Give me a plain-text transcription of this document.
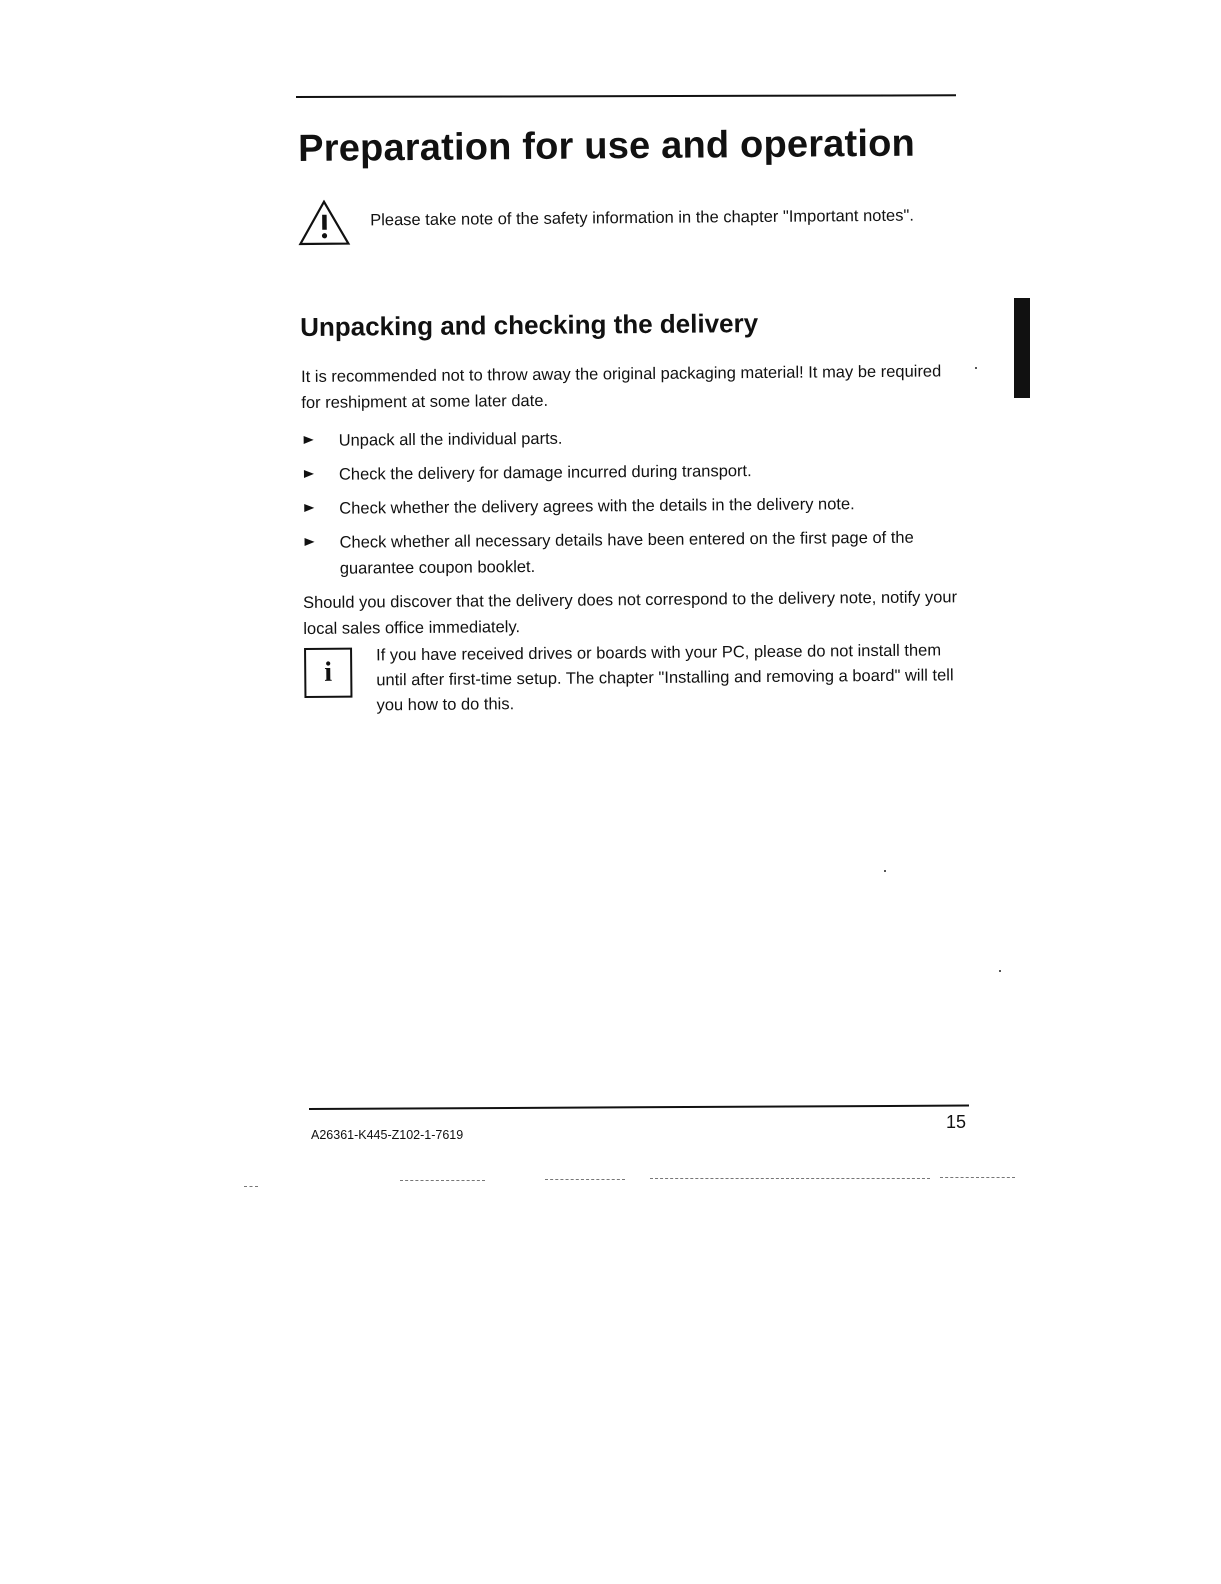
Preparation for use and operation

Please take note of the safety information in the chapter "Important notes".

Unpacking and checking the delivery

It is recommended not to throw away the original packaging material! It may be required for reshipment at some later date.

Unpack all the individual parts.
Check the delivery for damage incurred during transport.
Check whether the delivery agrees with the details in the delivery note.
Check whether all necessary details have been entered on the first page of the guarantee coupon booklet.

Should you discover that the delivery does not correspond to the delivery note, notify your local sales office immediately.

i

If you have received drives or boards with your PC, please do not install them until after first-time setup. The chapter "Installing and removing a board" will tell you how to do this.

A26361-K445-Z102-1-7619

15
